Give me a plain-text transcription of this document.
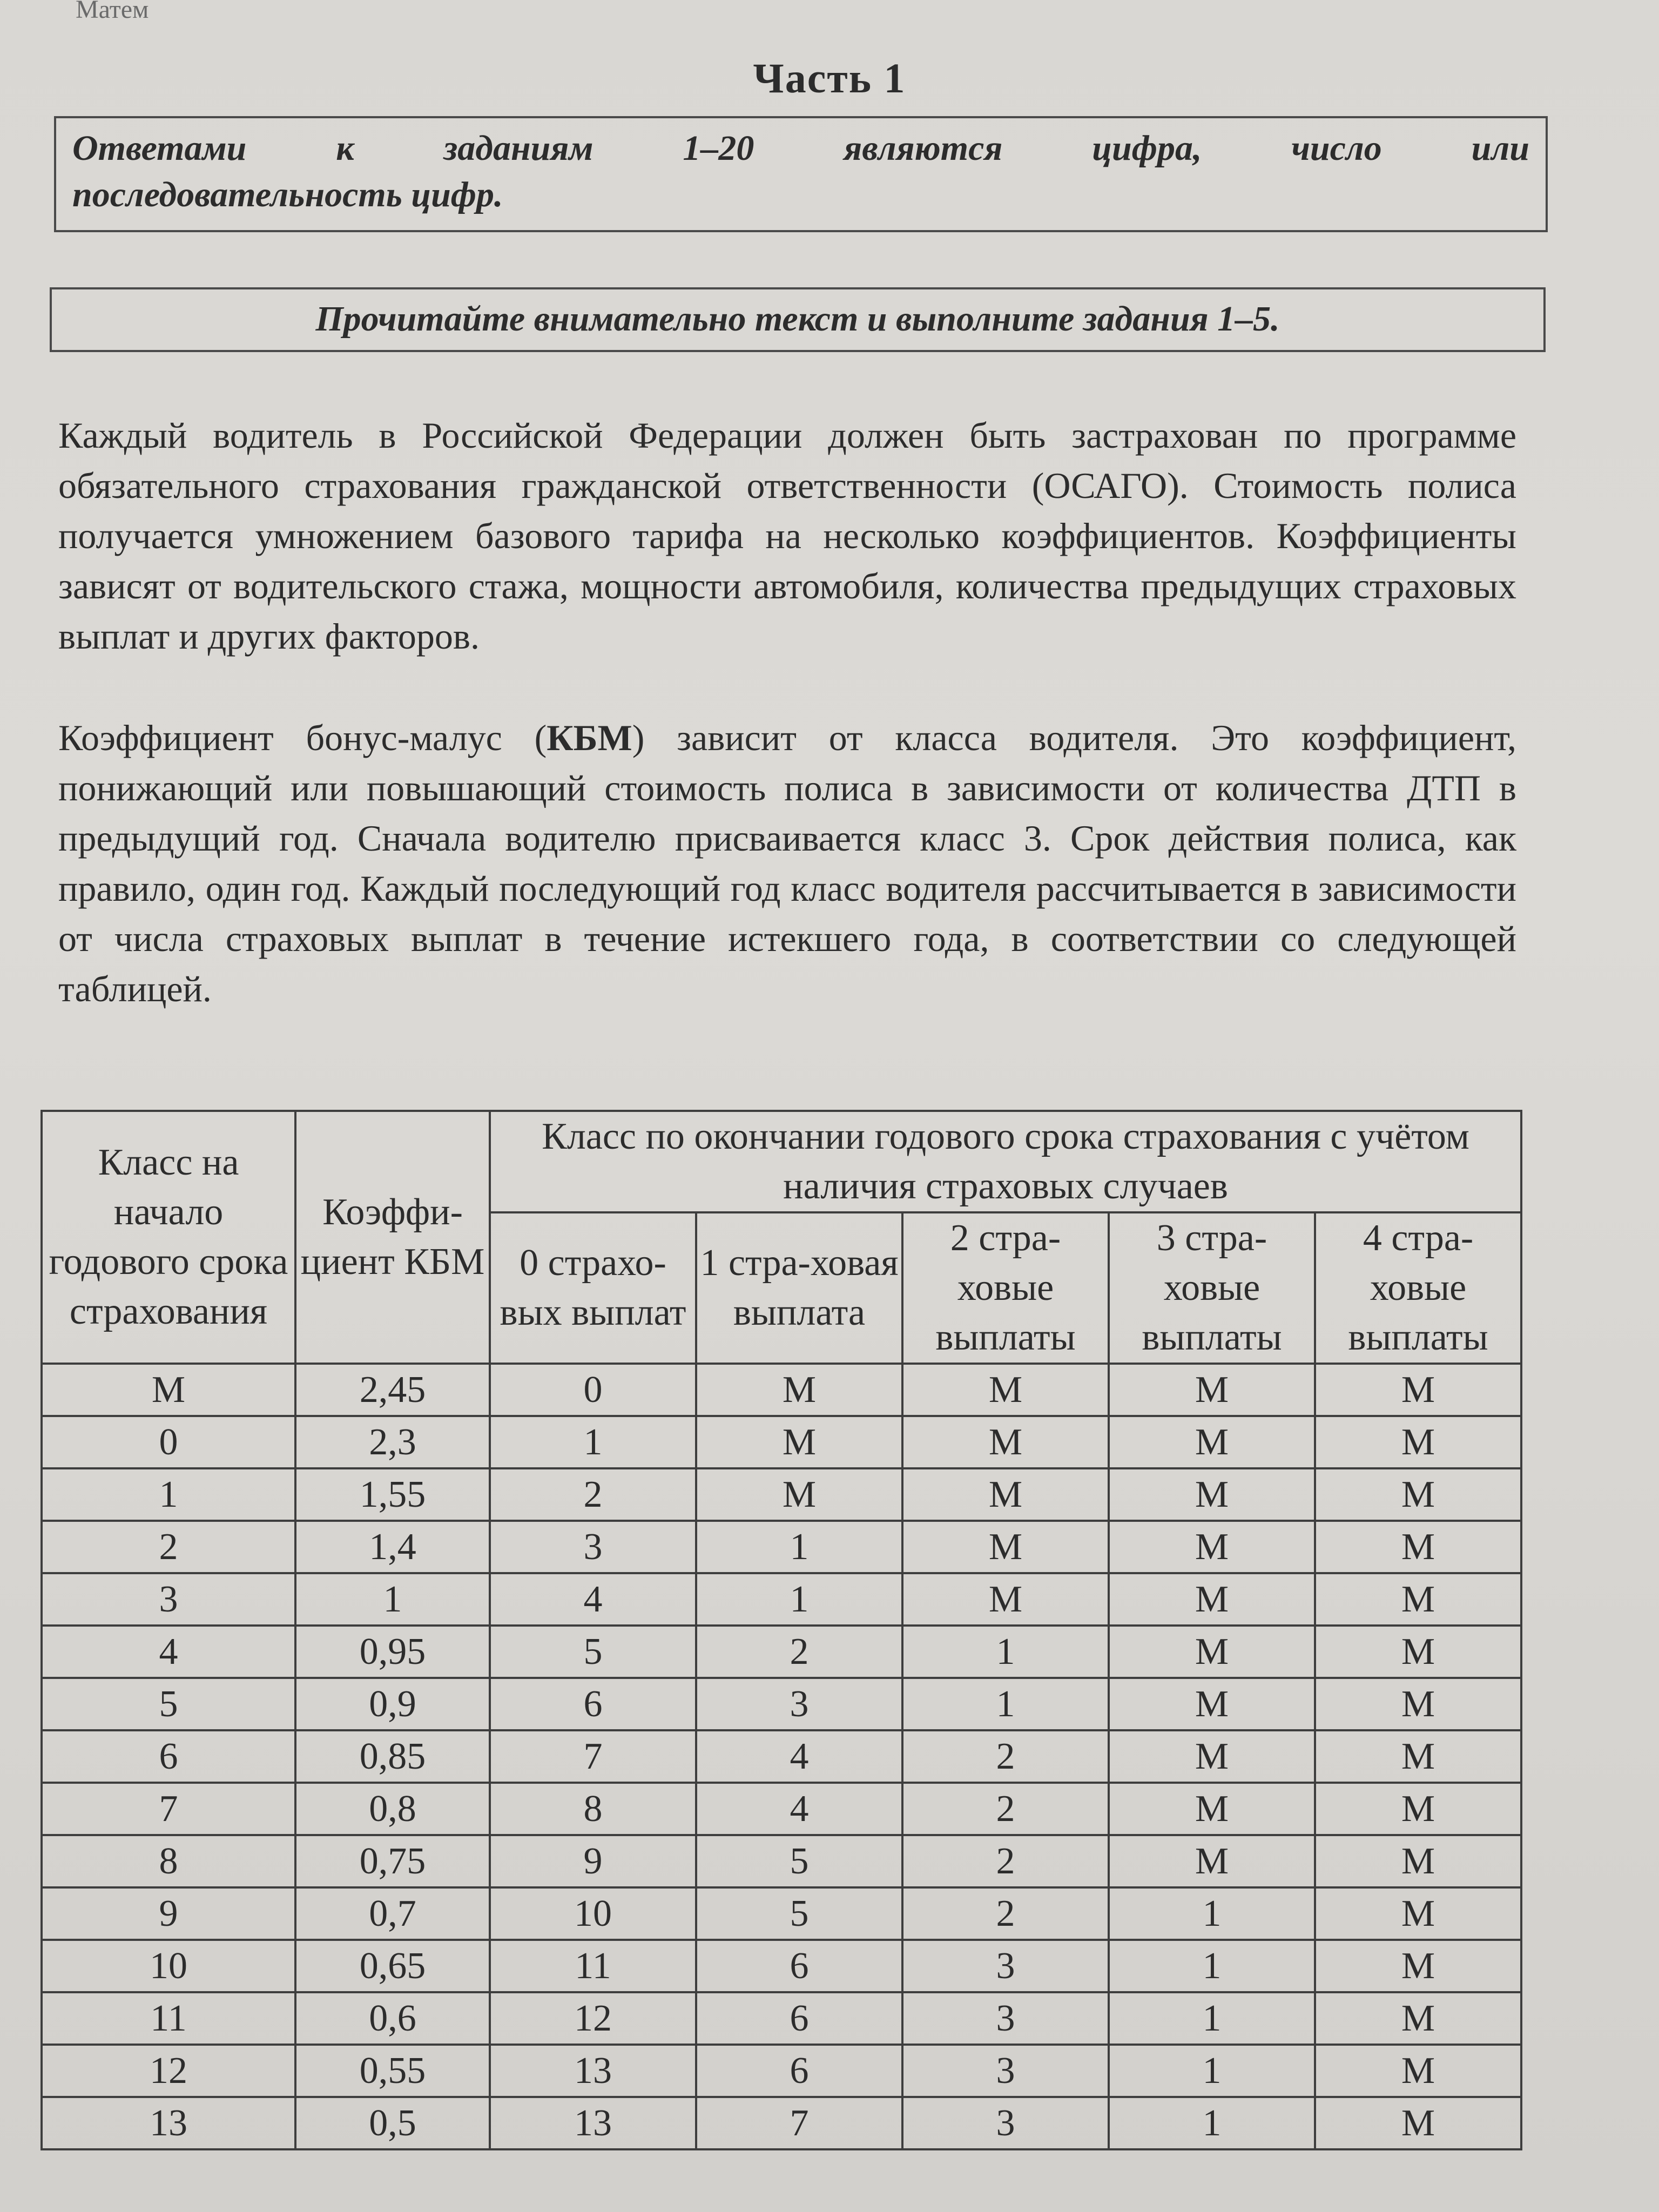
Матем
Часть 1
Ответами	к	заданиям	1–20	являются	цифра,	число	или
последовательность цифр.
Прочитайте внимательно текст и выполните задания 1–5.
Каждый водитель в Российской Федерации должен быть застрахован по программе обязательного страхования гражданской ответственности (ОСАГО). Стоимость полиса получается умножением базового тарифа на несколько коэффициентов. Коэффициенты зависят от водительского стажа, мощности автомобиля, количества предыдущих страховых выплат и других факторов.
Коэффициент бонус-малус (КБМ) зависит от класса водителя. Это коэффициент, понижающий или повышающий стоимость полиса в зависимости от количества ДТП в предыдущий год. Сначала водителю присваивается класс 3. Срок действия полиса, как правило, один год. Каждый последующий год класс водителя рассчитывается в зависимости от числа страховых выплат в течение истекшего года, в соответствии со следующей таблицей.
Класс на начало годового срока страхования	Коэффи-циент КБМ	Класс по окончании годового срока страхования с учётом наличия страховых случаев				
		0 страхо-вых выплат	1 стра-ховая выплата	2 стра-ховые выплаты	3 стра-ховые выплаты	4 стра-ховые выплаты
М	2,45	0	М	М	М	М
0	2,3	1	М	М	М	М
1	1,55	2	М	М	М	М
2	1,4	3	1	М	М	М
3	1	4	1	М	М	М
4	0,95	5	2	1	М	М
5	0,9	6	3	1	М	М
6	0,85	7	4	2	М	М
7	0,8	8	4	2	М	М
8	0,75	9	5	2	М	М
9	0,7	10	5	2	1	М
10	0,65	11	6	3	1	М
11	0,6	12	6	3	1	М
12	0,55	13	6	3	1	М
13	0,5	13	7	3	1	М
